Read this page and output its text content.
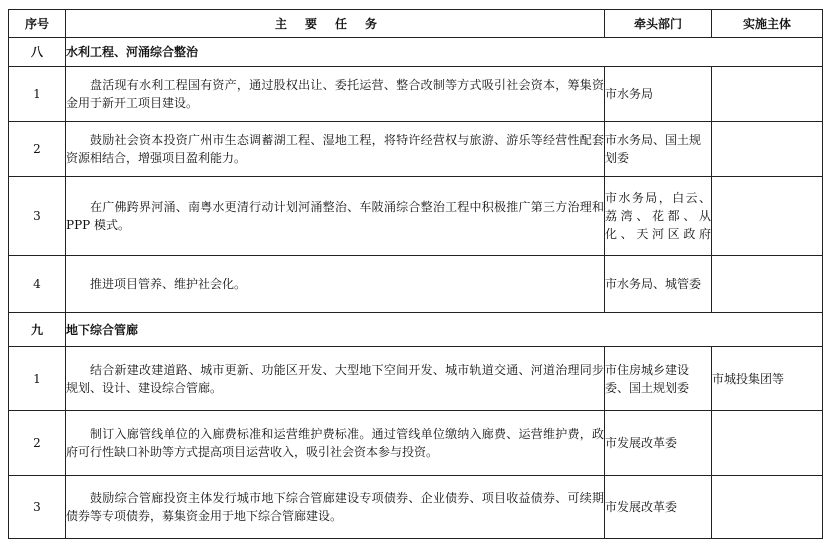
序号	主要任务	牵头部门	实施主体
八	水利工程、河涌综合整治		
1	盘活现有水利工程国有资产，通过股权出让、委托运营、整合改制等方式吸引社会资本，筹集资金用于新开工项目建设。	市水务局	
2	鼓励社会资本投资广州市生态调蓄湖工程、湿地工程，将特许经营权与旅游、游乐等经营性配套资源相结合，增强项目盈利能力。	市水务局、国土规划委	
3	在广佛跨界河涌、南粤水更清行动计划河涌整治、车陂涌综合整治工程中积极推广第三方治理和 PPP 模式。	市水务局，白云、荔湾、花都、从化、天河区政府	
4	推进项目管养、维护社会化。	市水务局、城管委	
九	地下综合管廊		
1	结合新建改建道路、城市更新、功能区开发、大型地下空间开发、城市轨道交通、河道治理同步规划、设计、建设综合管廊。	市住房城乡建设委、国土规划委	市城投集团等
2	制订入廊管线单位的入廊费标准和运营维护费标准。通过管线单位缴纳入廊费、运营维护费，政府可行性缺口补助等方式提高项目运营收入，吸引社会资本参与投资。	市发展改革委	
3	鼓励综合管廊投资主体发行城市地下综合管廊建设专项债券、企业债券、项目收益债券、可续期债券等专项债券，募集资金用于地下综合管廊建设。	市发展改革委	
